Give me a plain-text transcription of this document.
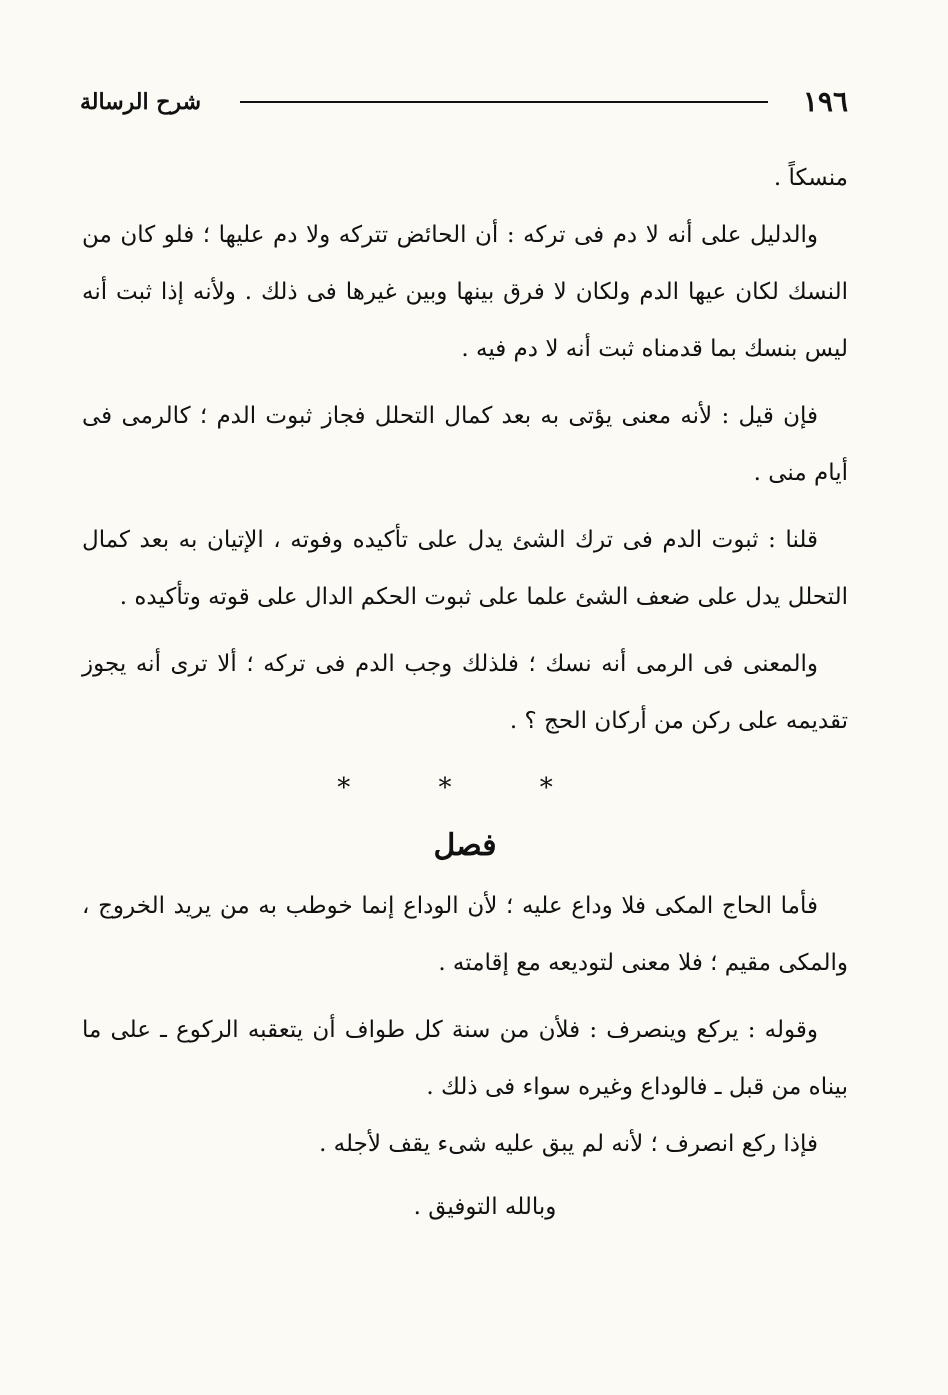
١٩٦
شرح الرسالة

منسكاً .

والدليل على أنه لا دم فى تركه : أن الحائض تتركه ولا دم عليها ؛ فلو كان من النسك لكان عيها الدم ولكان لا فرق بينها وبين غيرها فى ذلك . ولأنه إذا ثبت أنه ليس بنسك بما قدمناه ثبت أنه لا دم فيه .

فإن قيل : لأنه معنى يؤتى به بعد كمال التحلل فجاز ثبوت الدم ؛ كالرمى فى أيام منى .

قلنا : ثبوت الدم فى ترك الشئ يدل على تأكيده وفوته ، الإتيان به بعد كمال التحلل يدل على ضعف الشئ علما على ثبوت الحكم الدال على قوته وتأكيده .

والمعنى فى الرمى أنه نسك ؛ فلذلك وجب الدم فى تركه ؛ ألا ترى أنه يجوز تقديمه على ركن من أركان الحج ؟ .

* * *
فصل

فأما الحاج المكى فلا وداع عليه ؛ لأن الوداع إنما خوطب به من يريد الخروج ، والمكى مقيم ؛ فلا معنى لتوديعه مع إقامته .

وقوله : يركع وينصرف : فلأن من سنة كل طواف أن يتعقبه الركوع ـ على ما بيناه من قبل ـ فالوداع وغيره سواء فى ذلك .

فإذا ركع انصرف ؛ لأنه لم يبق عليه شىء يقف لأجله .

وبالله التوفيق .
